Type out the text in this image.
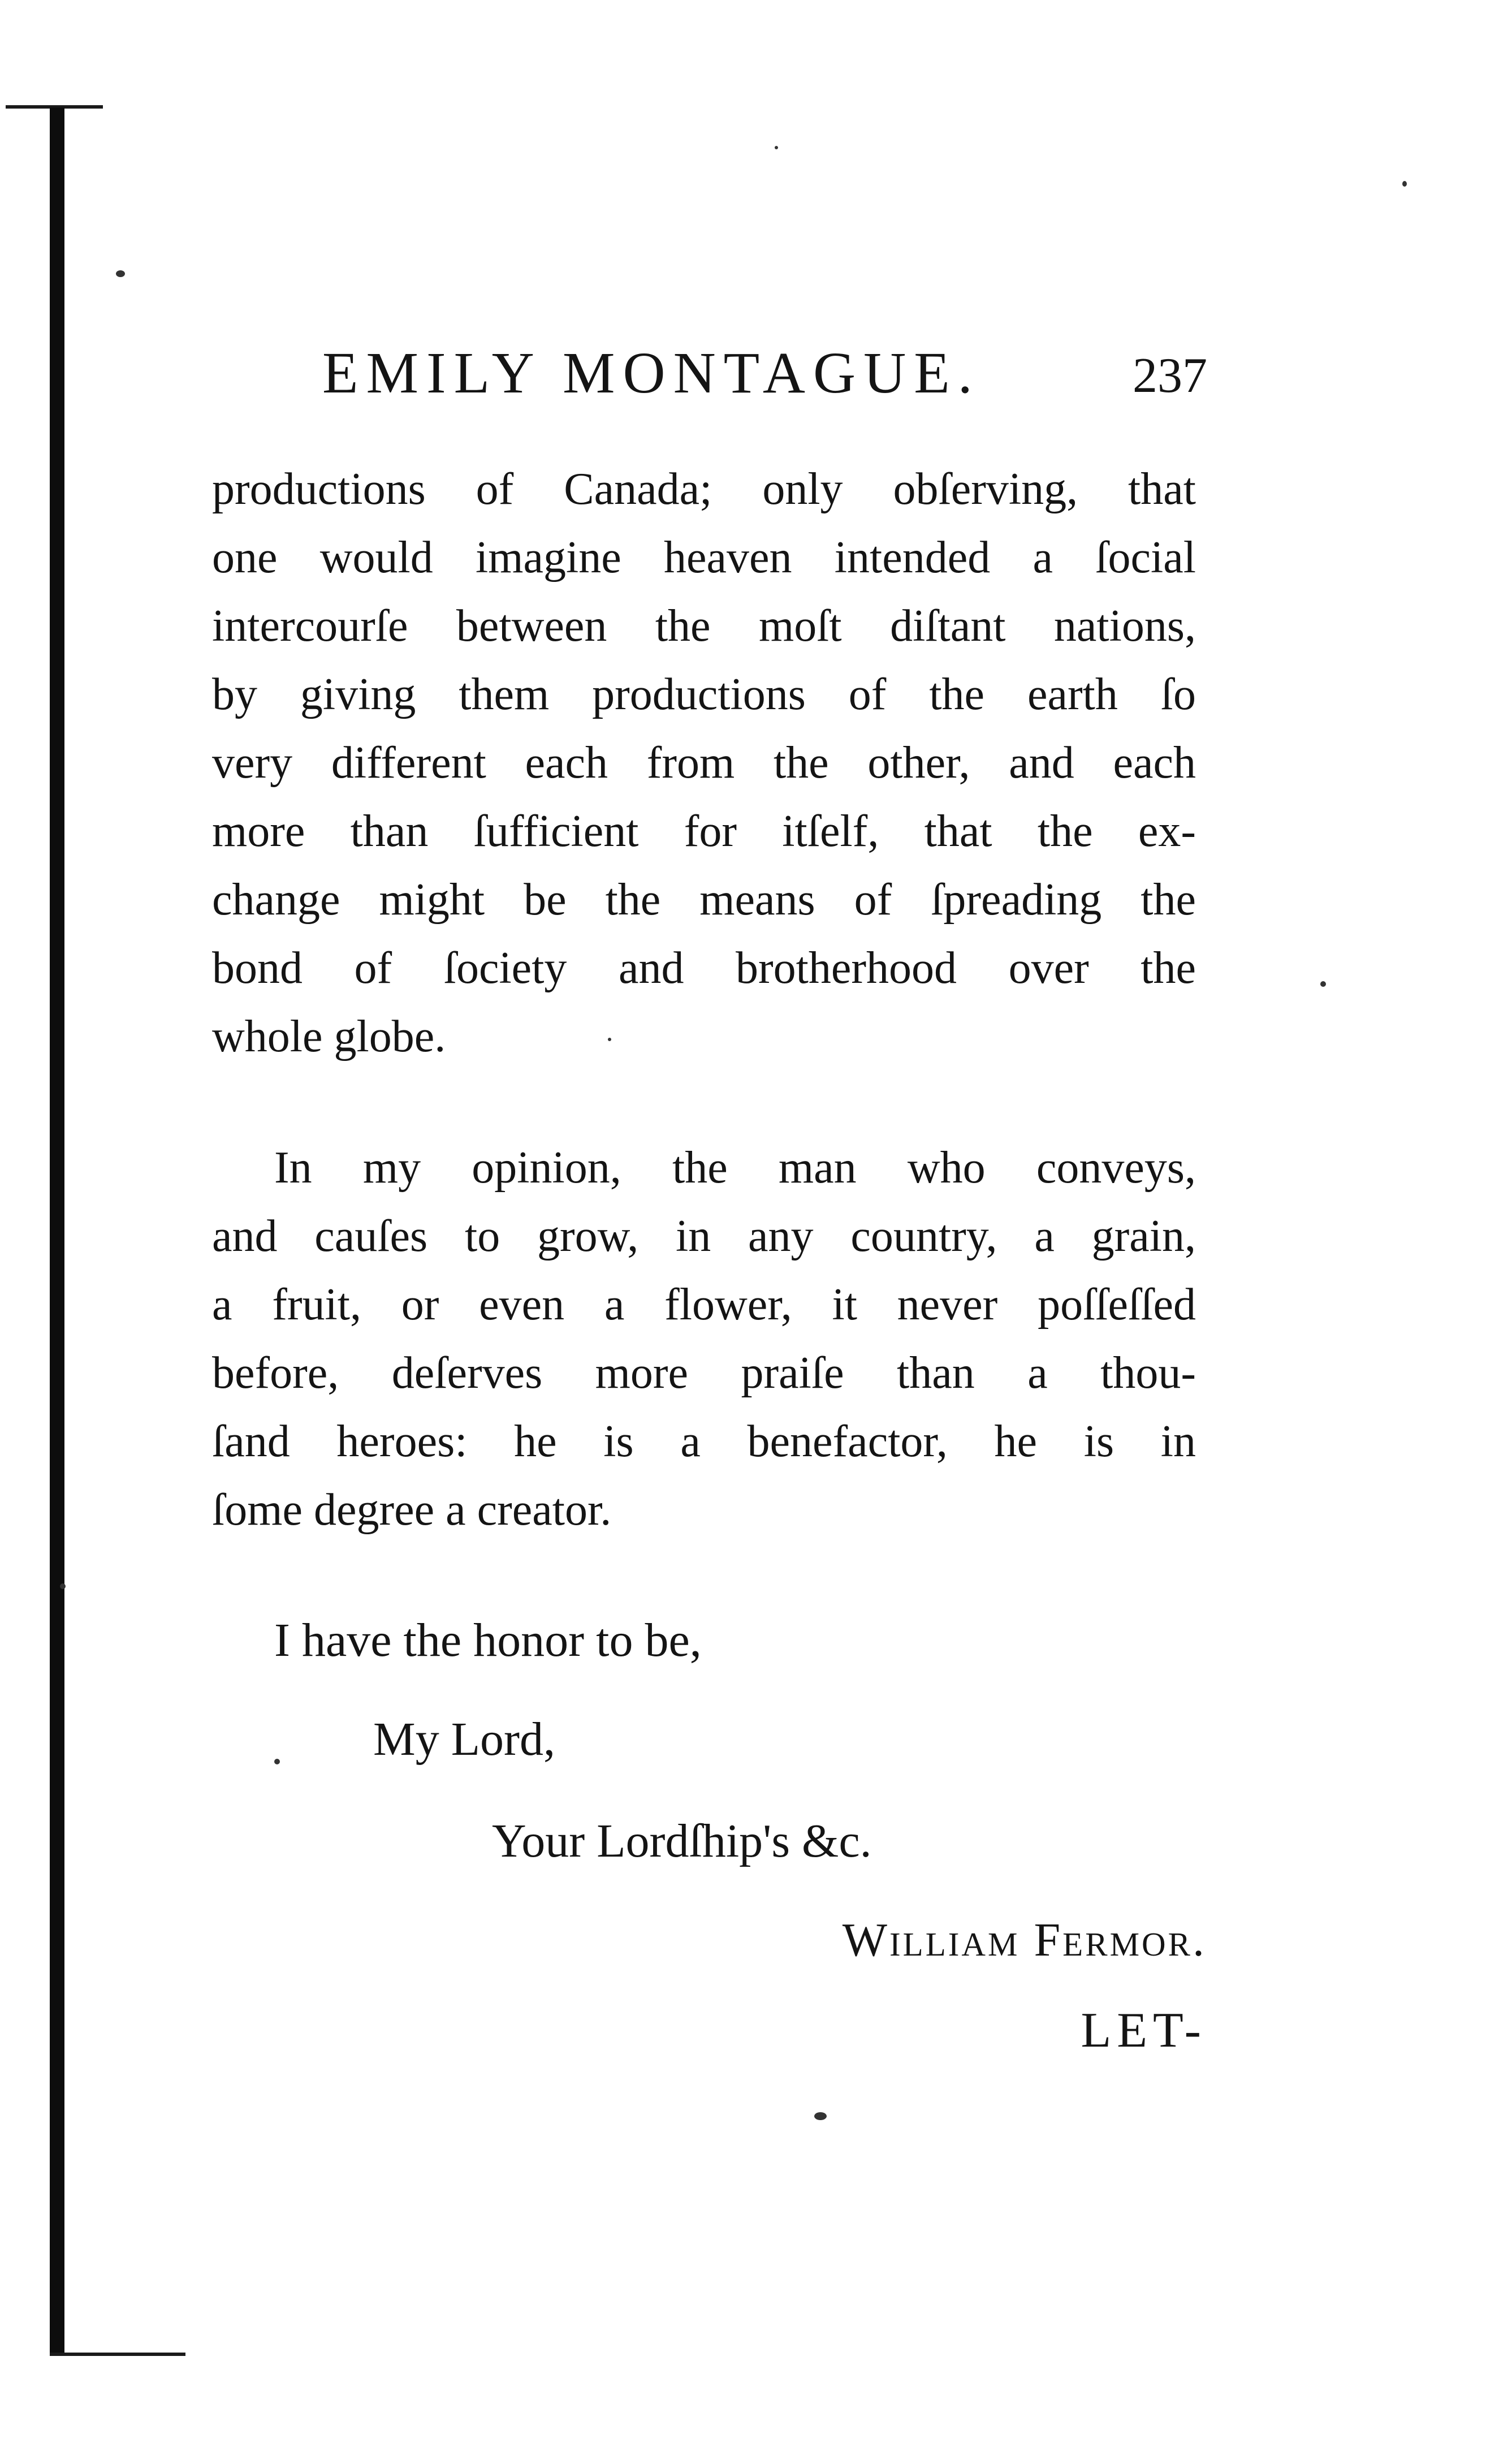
EMILY MONTAGUE.	237
productions of Canada; only obſerving, that
one would imagine heaven intended a ſocial
intercourſe between the moſt diſtant nations,
by giving them productions of the earth ſo
very different each from the other, and each
more than ſufficient for itſelf, that the ex-
change might be the means of ſpreading the
bond of ſociety and brotherhood over the
whole globe.
In my opinion, the man who conveys,
and cauſes to grow, in any country, a grain,
a fruit, or even a flower, it never poſſeſſed
before, deſerves more praiſe than a thou-
ſand heroes: he is a benefactor, he is in
ſome degree a creator.
I have the honor to be,
My Lord,
Your Lordſhip's &c.
William Fermor.
LET-
